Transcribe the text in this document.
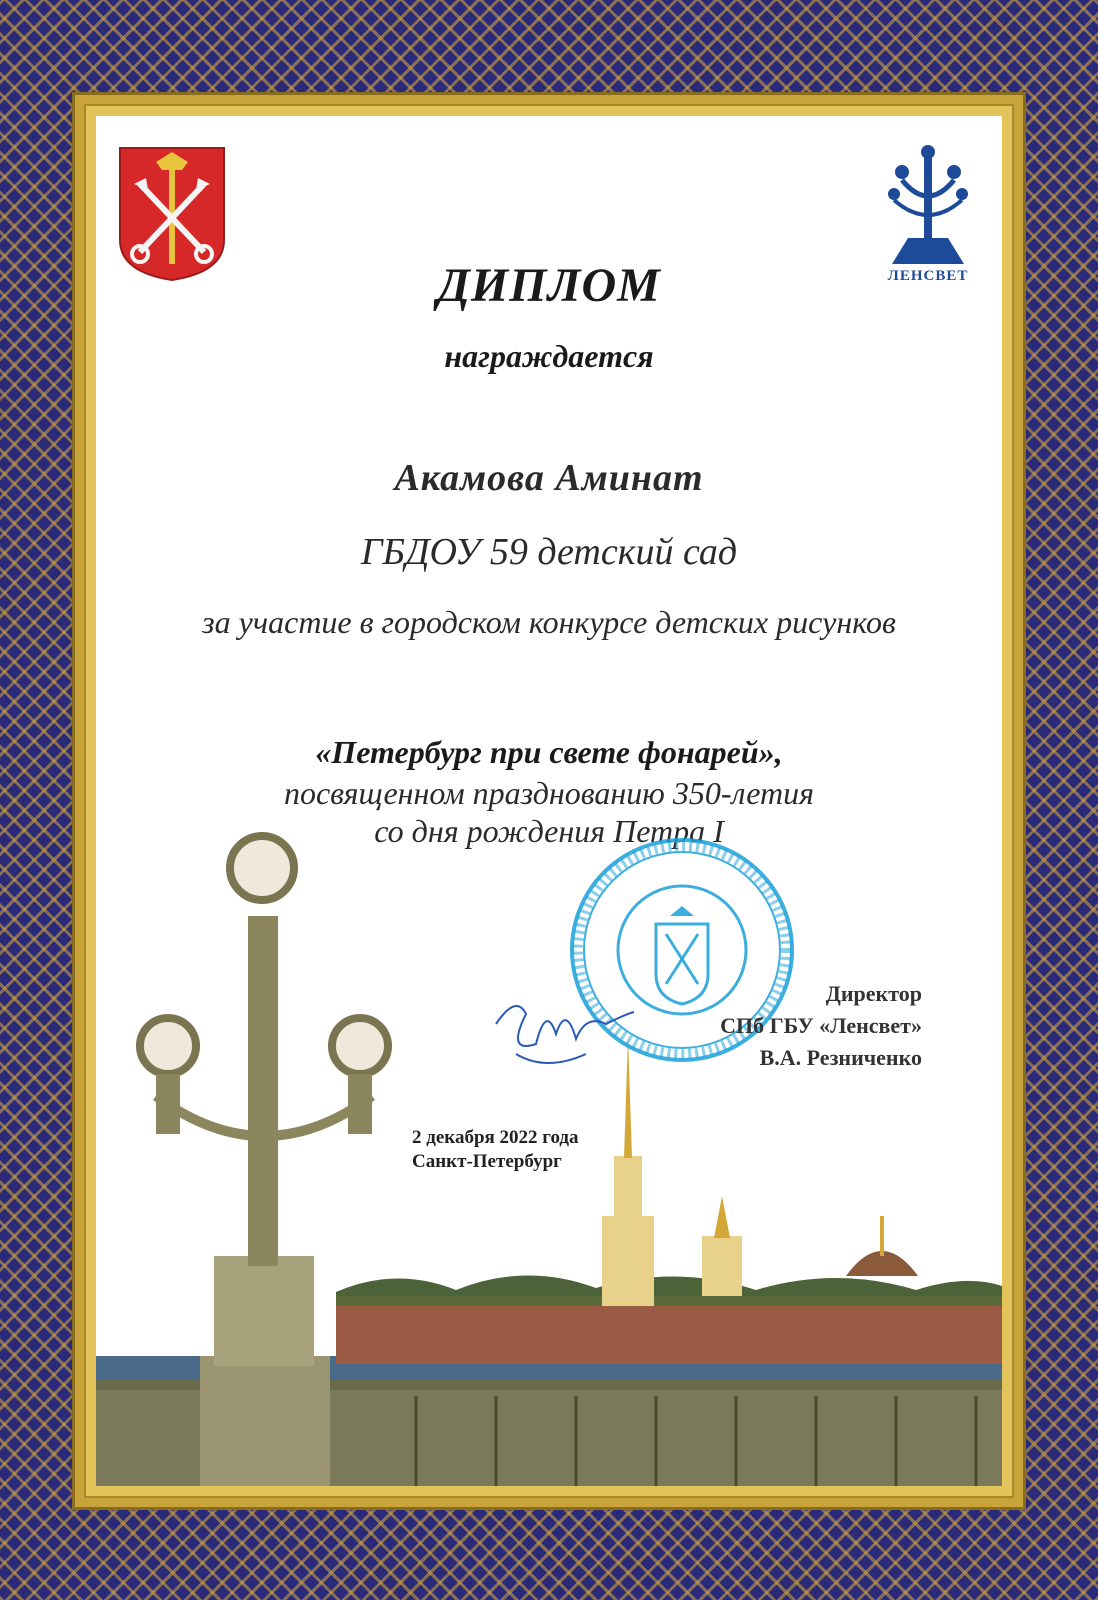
ЛЕНСВЕТ
ДИПЛОМ
награждается
Акамова Аминат
ГБДОУ 59 детский сад
за участие в городском конкурсе детских рисунков
«Петербург при свете фонарей»,
посвященном празднованию 350-летия
со дня рождения Петра I
Директор
СПб ГБУ «Ленсвет»
В.А. Резниченко
2 декабря 2022 года
Санкт-Петербург
